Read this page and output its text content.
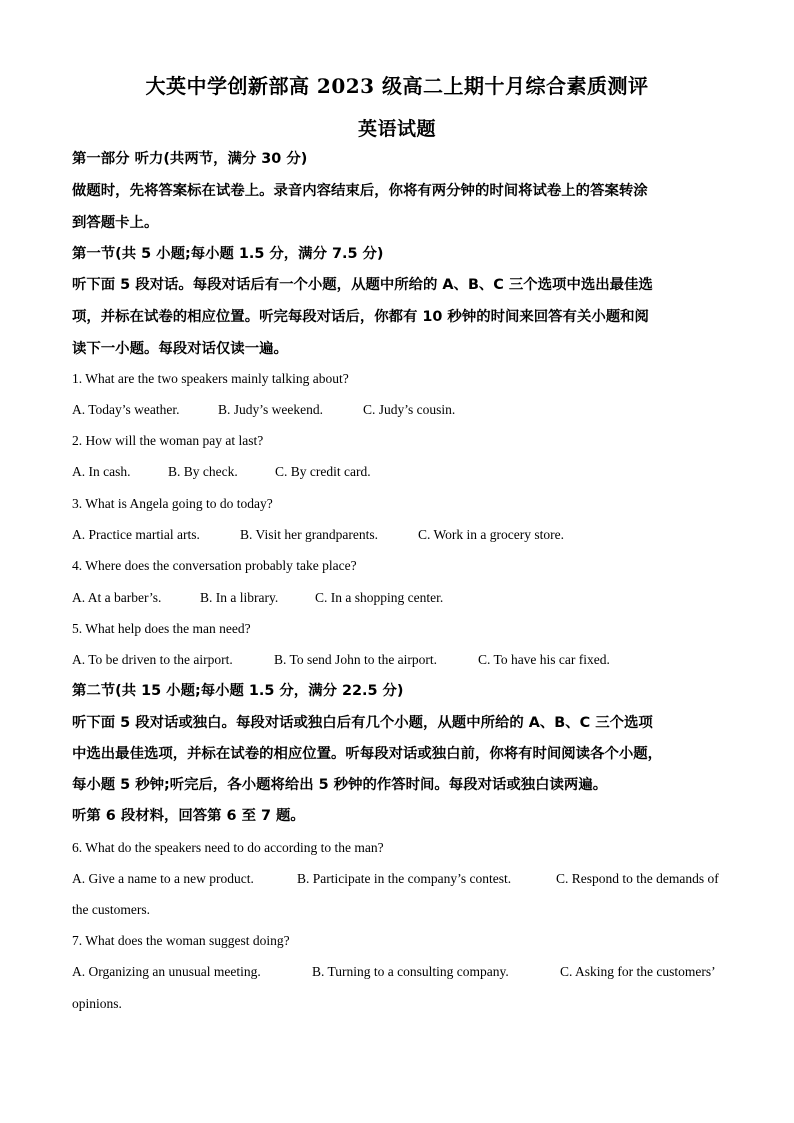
大英中学创新部高 2023 级高二上期十月综合素质测评
英语试题
第一部分 听力(共两节，满分 30 分)
做题时，先将答案标在试卷上。录音内容结束后，你将有两分钟的时间将试卷上的答案转涂
到答题卡上。
第一节(共 5 小题;每小题 1.5 分，满分 7.5 分)
听下面 5 段对话。每段对话后有一个小题，从题中所给的 A、B、C 三个选项中选出最佳选
项，并标在试卷的相应位置。听完每段对话后，你都有 10 秒钟的时间来回答有关小题和阅
读下一小题。每段对话仅读一遍。
1. What are the two speakers mainly talking about?
A. Today’s weather.	B. Judy’s weekend.	C. Judy’s cousin.
2. How will the woman pay at last?
A. In cash.	B. By check.	C. By credit card.
3. What is Angela going to do today?
A. Practice martial arts.	B. Visit her grandparents.	C. Work in a grocery store.
4. Where does the conversation probably take place?
A. At a barber’s.	B. In a library.	C. In a shopping center.
5. What help does the man need?
A. To be driven to the airport.	B. To send John to the airport.	C. To have his car fixed.
第二节(共 15 小题;每小题 1.5 分，满分 22.5 分)
听下面 5 段对话或独白。每段对话或独白后有几个小题，从题中所给的 A、B、C 三个选项
中选出最佳选项，并标在试卷的相应位置。听每段对话或独白前，你将有时间阅读各个小题，
每小题 5 秒钟;听完后，各小题将给出 5 秒钟的作答时间。每段对话或独白读两遍。
听第 6 段材料，回答第 6 至 7 题。
6. What do the speakers need to do according to the man?
A. Give a name to a new product.	B. Participate in the company’s contest.	C. Respond to the demands of
the customers.
7. What does the woman suggest doing?
A. Organizing an unusual meeting.	B. Turning to a consulting company.	C. Asking for the customers’
opinions.
